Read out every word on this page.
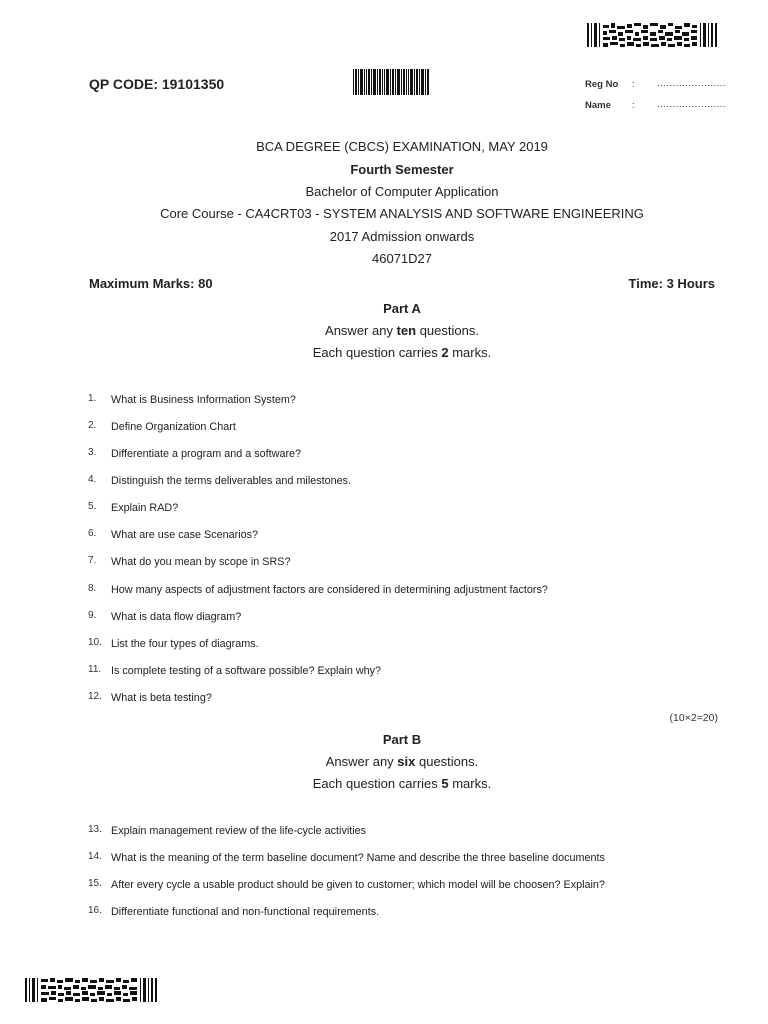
QP CODE: 19101350	Reg No : ......................
Name : ......................
BCA DEGREE (CBCS) EXAMINATION, MAY 2019
Fourth Semester
Bachelor of Computer Application
Core Course - CA4CRT03 - SYSTEM ANALYSIS AND SOFTWARE ENGINEERING
2017 Admission onwards
46071D27
Maximum Marks: 80	Time: 3 Hours
Part A
Answer any ten questions.
Each question carries 2 marks.
1. What is Business Information System?
2. Define Organization Chart
3. Differentiate a program and a software?
4. Distinguish the terms deliverables and milestones.
5. Explain RAD?
6. What are use case Scenarios?
7. What do you mean by scope in SRS?
8. How many aspects of adjustment factors are considered in determining adjustment factors?
9. What is data flow diagram?
10. List the four types of diagrams.
11. Is complete testing of a software possible? Explain why?
12. What is beta testing?
(10×2=20)
Part B
Answer any six questions.
Each question carries 5 marks.
13. Explain management review of the life-cycle activities
14. What is the meaning of the term baseline document? Name and describe the three baseline documents
15. After every cycle a usable product should be given to customer; which model will be choosen? Explain?
16. Differentiate functional and non-functional requirements.
